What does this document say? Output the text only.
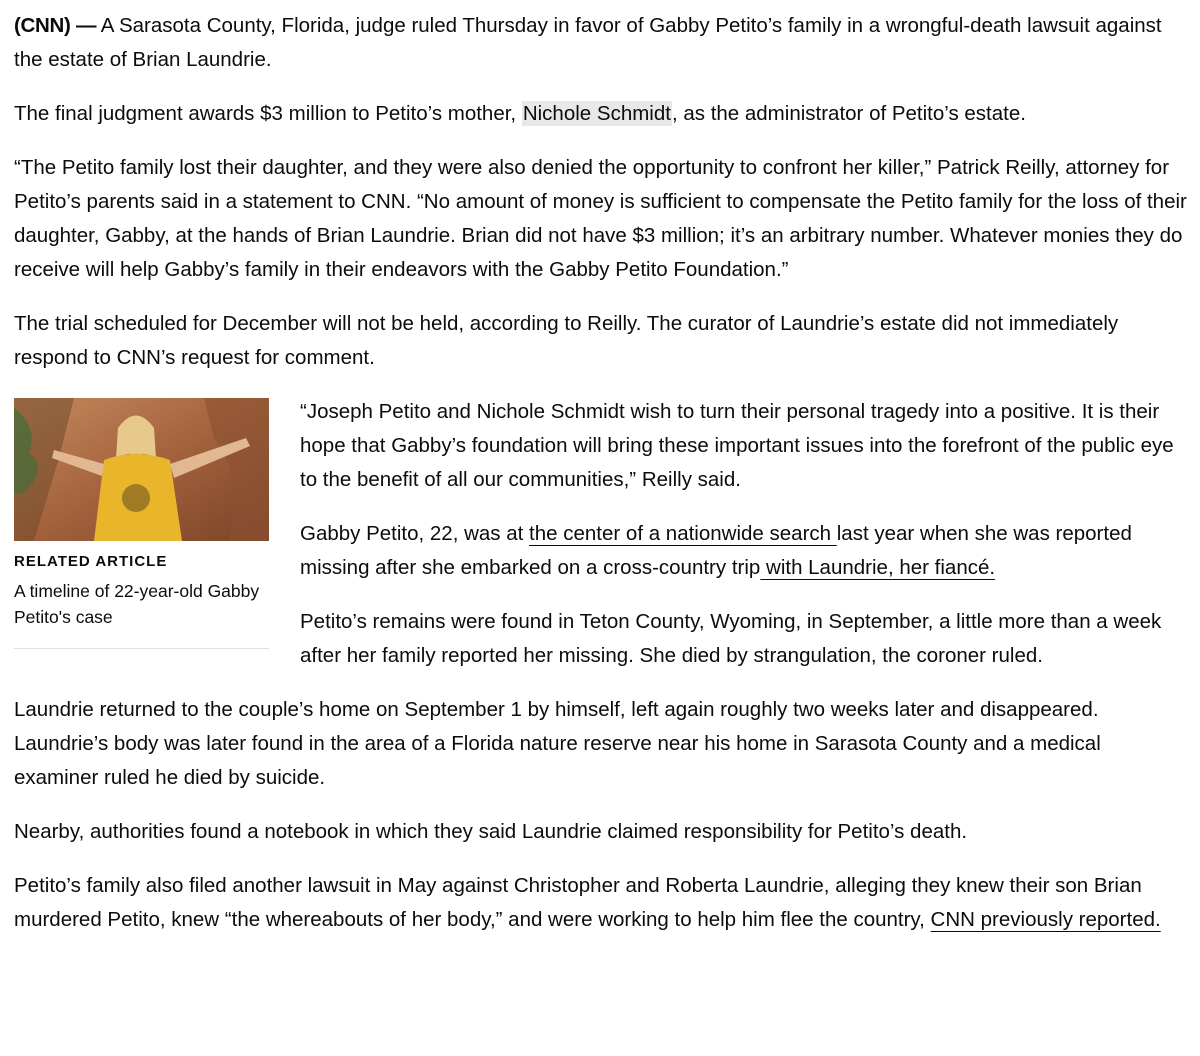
(CNN) — A Sarasota County, Florida, judge ruled Thursday in favor of Gabby Petito’s family in a wrongful-death lawsuit against the estate of Brian Laundrie.

The final judgment awards $3 million to Petito’s mother, Nichole Schmidt, as the administrator of Petito’s estate.

“The Petito family lost their daughter, and they were also denied the opportunity to confront her killer,” Patrick Reilly, attorney for Petito’s parents said in a statement to CNN. “No amount of money is sufficient to compensate the Petito family for the loss of their daughter, Gabby, at the hands of Brian Laundrie. Brian did not have $3 million; it’s an arbitrary number. Whatever monies they do receive will help Gabby’s family in their endeavors with the Gabby Petito Foundation.”

The trial scheduled for December will not be held, according to Reilly. The curator of Laundrie’s estate did not immediately respond to CNN’s request for comment.

RELATED ARTICLE
A timeline of 22-year-old Gabby Petito's case

“Joseph Petito and Nichole Schmidt wish to turn their personal tragedy into a positive. It is their hope that Gabby’s foundation will bring these important issues into the forefront of the public eye to the benefit of all our communities,” Reilly said.

Gabby Petito, 22, was at the center of a nationwide search last year when she was reported missing after she embarked on a cross-country trip with Laundrie, her fiancé.

Petito’s remains were found in Teton County, Wyoming, in September, a little more than a week after her family reported her missing. She died by strangulation, the coroner ruled.

Laundrie returned to the couple’s home on September 1 by himself, left again roughly two weeks later and disappeared. Laundrie’s body was later found in the area of a Florida nature reserve near his home in Sarasota County and a medical examiner ruled he died by suicide.

Nearby, authorities found a notebook in which they said Laundrie claimed responsibility for Petito’s death.

Petito’s family also filed another lawsuit in May against Christopher and Roberta Laundrie, alleging they knew their son Brian murdered Petito, knew “the whereabouts of her body,” and were working to help him flee the country, CNN previously reported.
